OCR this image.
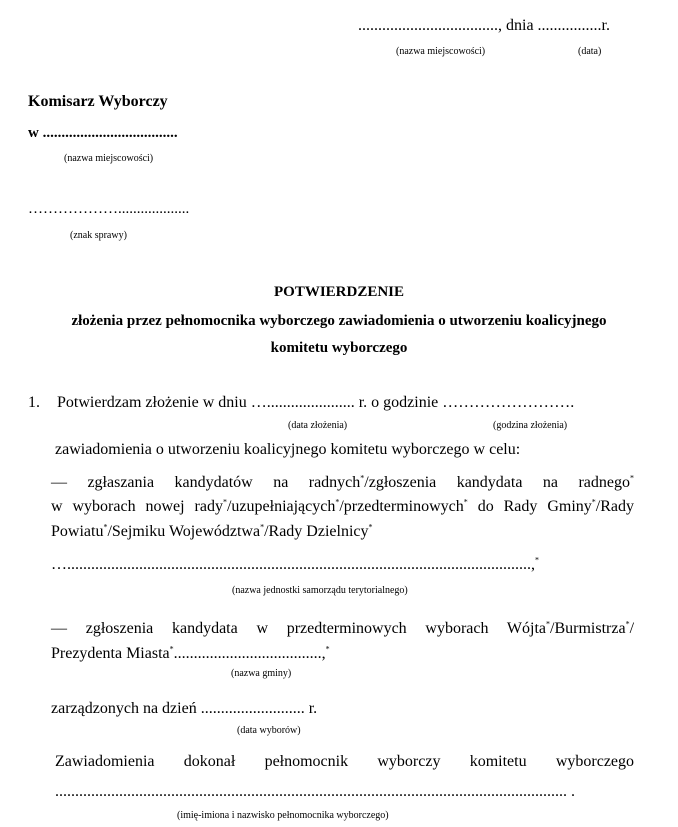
..................................., dnia ................r.
(nazwa miejscowości)	(data)
Komisarz Wyborczy
w ....................................
(nazwa miejscowości)
………………...................
(znak sprawy)
POTWIERDZENIE
złożenia przez pełnomocnika wyborczego zawiadomienia o utworzeniu koalicyjnego
komitetu wyborczego
1. Potwierdzam złożenie w dniu …...................... r. o godzinie …………………….
(data złożenia)	(godzina złożenia)
zawiadomienia o utworzeniu koalicyjnego komitetu wyborczego w celu:
— zgłaszania kandydatów na radnych*/zgłoszenia kandydata na radnego*
w wyborach nowej rady*/uzupełniających*/przedterminowych* do Rady Gminy*/Rady
Powiatu*/Sejmiku Województwa*/Rady Dzielnicy*
…....................................................................................................................,*
(nazwa jednostki samorządu terytorialnego)
— zgłoszenia kandydata w przedterminowych wyborach Wójta*/Burmistrza*/
Prezydenta Miasta*.....................................,*
(nazwa gminy)
zarządzonych na dzień .......................... r.
(data wyborów)
Zawiadomienia dokonał pełnomocnik wyborczy komitetu wyborczego
................................................................................................................................ .
(imię-imiona i nazwisko pełnomocnika wyborczego)
